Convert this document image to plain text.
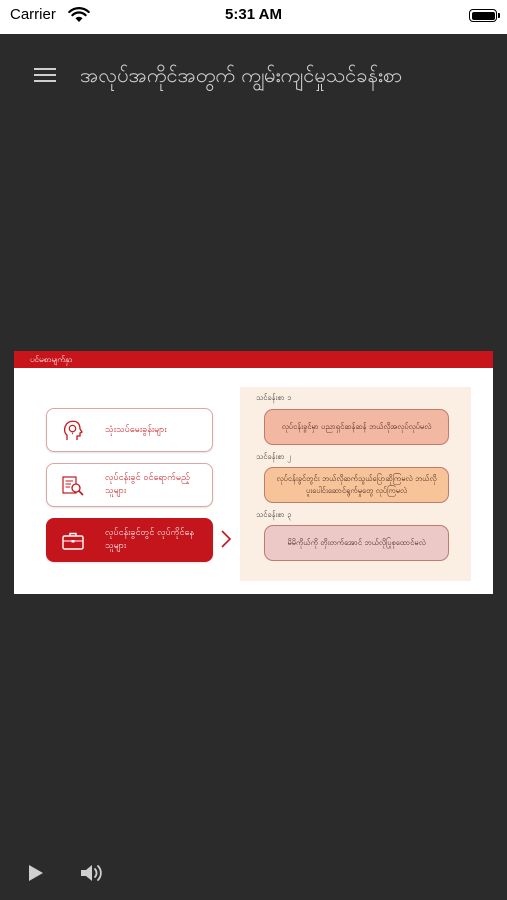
Carrier	5:31 AM
အလုပ်အကိုင်အတွက် ကျွမ်းကျင်မှုသင်ခန်းစာ
ပင်မစာမျက်နှာ
သုံးသပ်မေးခွန်းများ
လုပ်ငန်းခွင် ဝင်ရောက်မည့်သူများ
လုပ်ငန်းခွင်တွင် လုပ်ကိုင်နေသူများ
သင်ခန်းစာ ၁
လုပ်ငန်းခွင်မှာ ပညာရှင်ဆန်ဆန် ဘယ်လိုအလုပ်လုပ်မလဲ
သင်ခန်းစာ ၂
လုပ်ငန်းခွင်တွင်း ဘယ်လိုဆက်သွယ်ပြောဆိုကြမလဲ ဘယ်လို ပူးပေါင်းဆောင်ရွက်မှုတွေ လုပ်ကြမလဲ
သင်ခန်းစာ ၃
မိမိကိုယ်ကို တိုးတက်အောင် ဘယ်လိုပြုစုထောင်မလဲ
